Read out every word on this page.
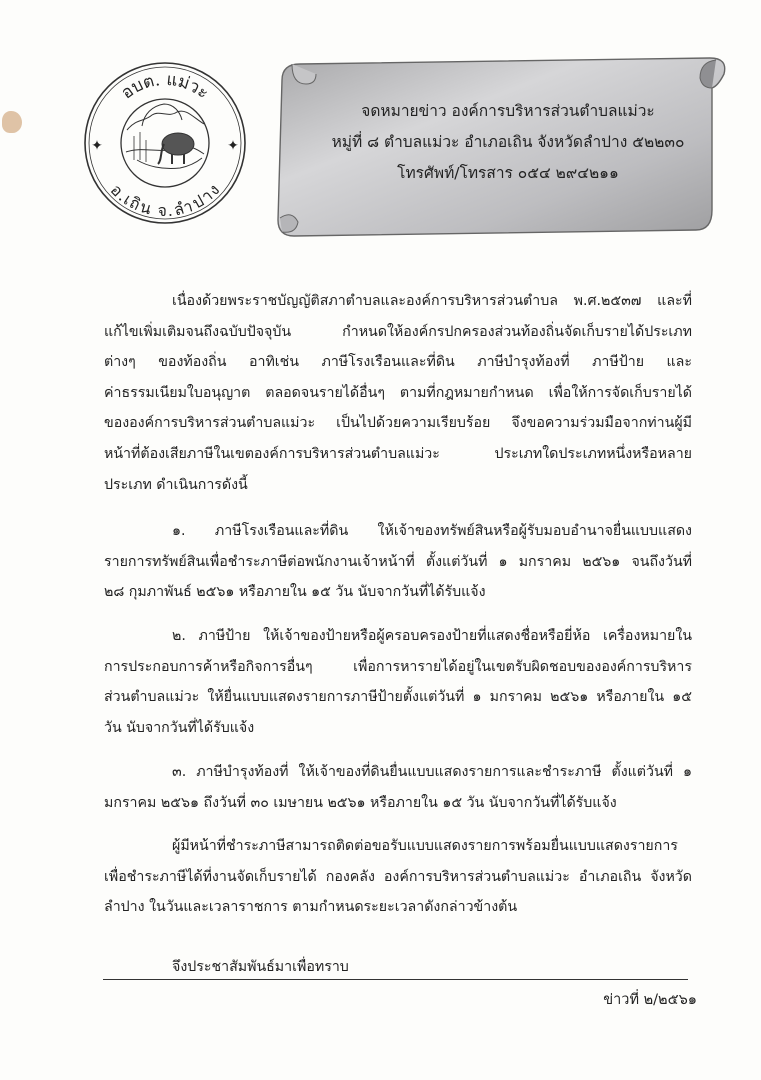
อบต. แม่วะ
อ.เถิน จ.ลำปาง
✦	✦
จดหมายข่าว องค์การบริหารส่วนตำบลแม่วะ
หมู่ที่ ๘ ตำบลแม่วะ อำเภอเถิน จังหวัดลำปาง ๕๒๒๓๐
โทรศัพท์/โทรสาร ๐๕๔ ๒๙๔๒๑๑
เนื่องด้วยพระราชบัญญัติสภาตำบลและองค์การบริหารส่วนตำบล พ.ศ.๒๕๓๗ และที่
แก้ไขเพิ่มเติมจนถึงฉบับปัจจุบัน กำหนดให้องค์กรปกครองส่วนท้องถิ่นจัดเก็บรายได้ประเภท
ต่างๆ ของท้องถิ่น อาทิเช่น ภาษีโรงเรือนและที่ดิน ภาษีบำรุงท้องที่ ภาษีป้าย และ
ค่าธรรมเนียมใบอนุญาต ตลอดจนรายได้อื่นๆ ตามที่กฎหมายกำหนด เพื่อให้การจัดเก็บรายได้
ขององค์การบริหารส่วนตำบลแม่วะ เป็นไปด้วยความเรียบร้อย จึงขอความร่วมมือจากท่านผู้มี
หน้าที่ต้องเสียภาษีในเขตองค์การบริหารส่วนตำบลแม่วะ ประเภทใดประเภทหนึ่งหรือหลาย
ประเภท ดำเนินการดังนี้
๑. ภาษีโรงเรือนและที่ดิน ให้เจ้าของทรัพย์สินหรือผู้รับมอบอำนาจยื่นแบบแสดง
รายการทรัพย์สินเพื่อชำระภาษีต่อพนักงานเจ้าหน้าที่ ตั้งแต่วันที่ ๑ มกราคม ๒๕๖๑ จนถึงวันที่
๒๘ กุมภาพันธ์ ๒๕๖๑ หรือภายใน ๑๕ วัน นับจากวันที่ได้รับแจ้ง
๒. ภาษีป้าย ให้เจ้าของป้ายหรือผู้ครอบครองป้ายที่แสดงชื่อหรือยี่ห้อ เครื่องหมายใน
การประกอบการค้าหรือกิจการอื่นๆ เพื่อการหารายได้อยู่ในเขตรับผิดชอบขององค์การบริหาร
ส่วนตำบลแม่วะ ให้ยื่นแบบแสดงรายการภาษีป้ายตั้งแต่วันที่ ๑ มกราคม ๒๕๖๑ หรือภายใน ๑๕
วัน นับจากวันที่ได้รับแจ้ง
๓. ภาษีบำรุงท้องที่ ให้เจ้าของที่ดินยื่นแบบแสดงรายการและชำระภาษี ตั้งแต่วันที่ ๑
มกราคม ๒๕๖๑ ถึงวันที่ ๓๐ เมษายน ๒๕๖๑ หรือภายใน ๑๕ วัน นับจากวันที่ได้รับแจ้ง
ผู้มีหน้าที่ชำระภาษีสามารถติดต่อขอรับแบบแสดงรายการพร้อมยื่นแบบแสดงรายการ
เพื่อชำระภาษีได้ที่งานจัดเก็บรายได้ กองคลัง องค์การบริหารส่วนตำบลแม่วะ อำเภอเถิน จังหวัด
ลำปาง ในวันและเวลาราชการ ตามกำหนดระยะเวลาดังกล่าวข้างต้น
จึงประชาสัมพันธ์มาเพื่อทราบ
ข่าวที่ ๒/๒๕๖๑
